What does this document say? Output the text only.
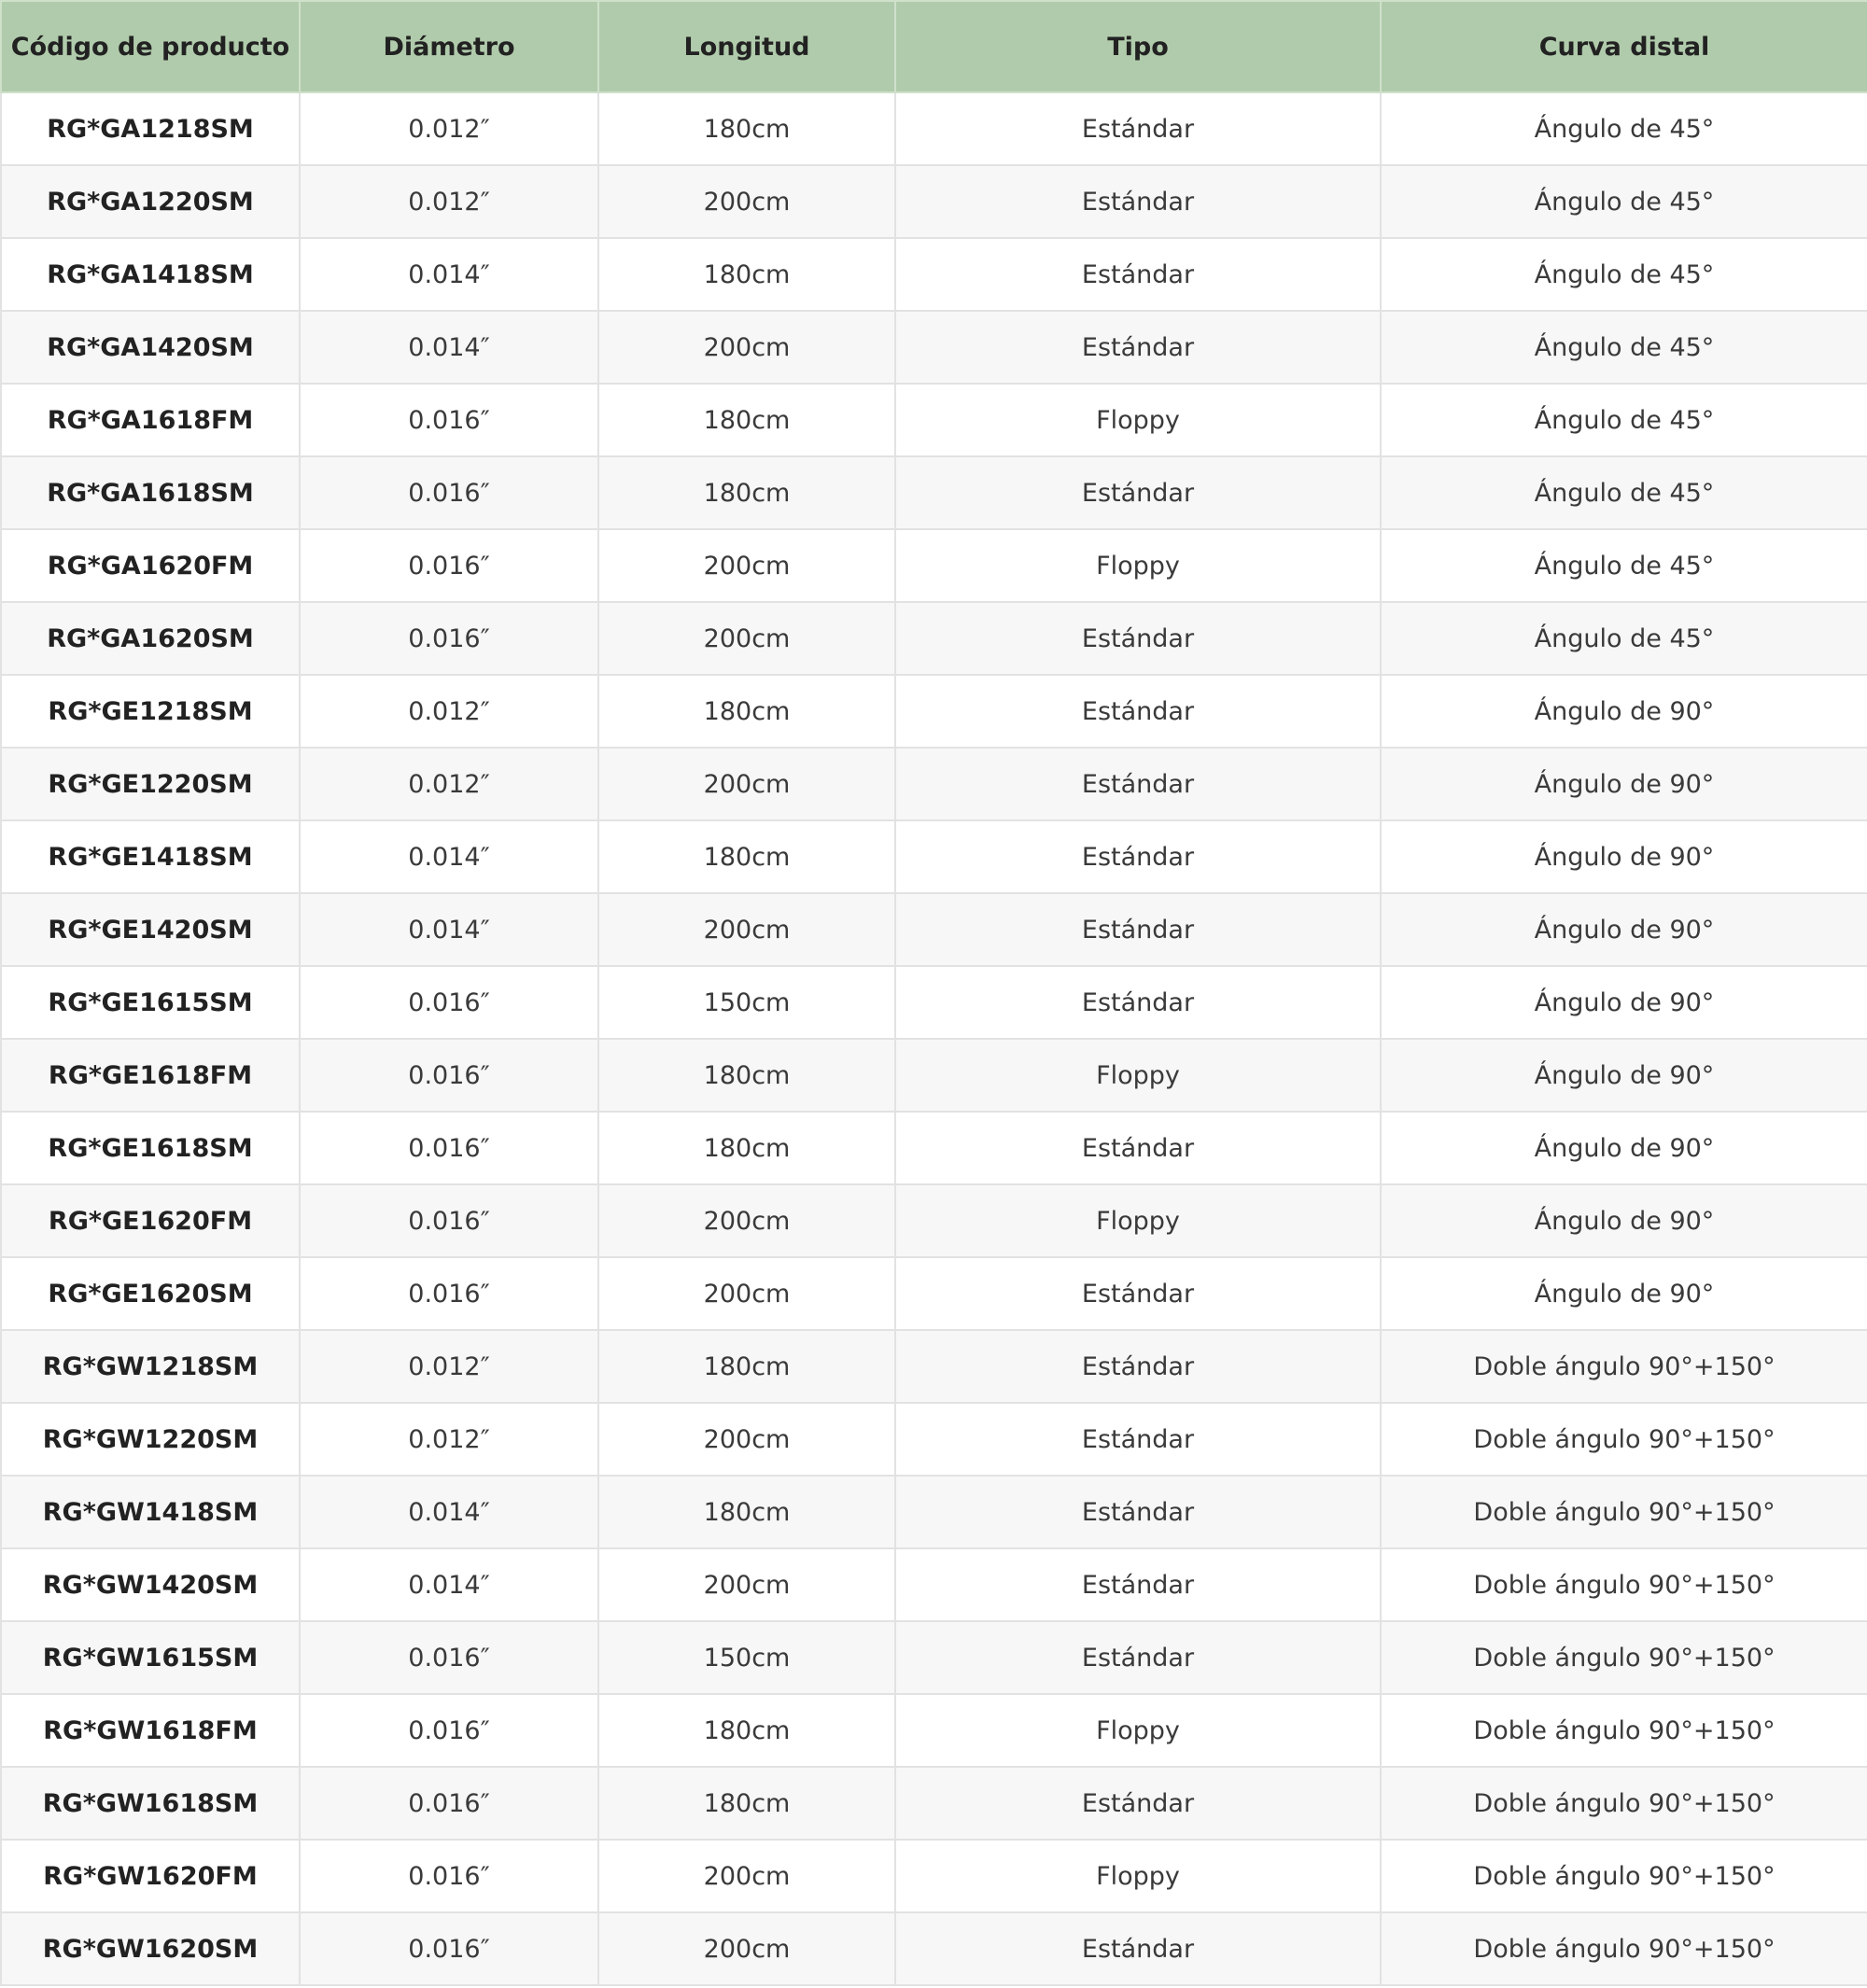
Código de producto	Diámetro	Longitud	Tipo	Curva distal
RG*GA1218SM	0.012″	180cm	Estándar	Ángulo de 45°
RG*GA1220SM	0.012″	200cm	Estándar	Ángulo de 45°
RG*GA1418SM	0.014″	180cm	Estándar	Ángulo de 45°
RG*GA1420SM	0.014″	200cm	Estándar	Ángulo de 45°
RG*GA1618FM	0.016″	180cm	Floppy	Ángulo de 45°
RG*GA1618SM	0.016″	180cm	Estándar	Ángulo de 45°
RG*GA1620FM	0.016″	200cm	Floppy	Ángulo de 45°
RG*GA1620SM	0.016″	200cm	Estándar	Ángulo de 45°
RG*GE1218SM	0.012″	180cm	Estándar	Ángulo de 90°
RG*GE1220SM	0.012″	200cm	Estándar	Ángulo de 90°
RG*GE1418SM	0.014″	180cm	Estándar	Ángulo de 90°
RG*GE1420SM	0.014″	200cm	Estándar	Ángulo de 90°
RG*GE1615SM	0.016″	150cm	Estándar	Ángulo de 90°
RG*GE1618FM	0.016″	180cm	Floppy	Ángulo de 90°
RG*GE1618SM	0.016″	180cm	Estándar	Ángulo de 90°
RG*GE1620FM	0.016″	200cm	Floppy	Ángulo de 90°
RG*GE1620SM	0.016″	200cm	Estándar	Ángulo de 90°
RG*GW1218SM	0.012″	180cm	Estándar	Doble ángulo 90°+150°
RG*GW1220SM	0.012″	200cm	Estándar	Doble ángulo 90°+150°
RG*GW1418SM	0.014″	180cm	Estándar	Doble ángulo 90°+150°
RG*GW1420SM	0.014″	200cm	Estándar	Doble ángulo 90°+150°
RG*GW1615SM	0.016″	150cm	Estándar	Doble ángulo 90°+150°
RG*GW1618FM	0.016″	180cm	Floppy	Doble ángulo 90°+150°
RG*GW1618SM	0.016″	180cm	Estándar	Doble ángulo 90°+150°
RG*GW1620FM	0.016″	200cm	Floppy	Doble ángulo 90°+150°
RG*GW1620SM	0.016″	200cm	Estándar	Doble ángulo 90°+150°
